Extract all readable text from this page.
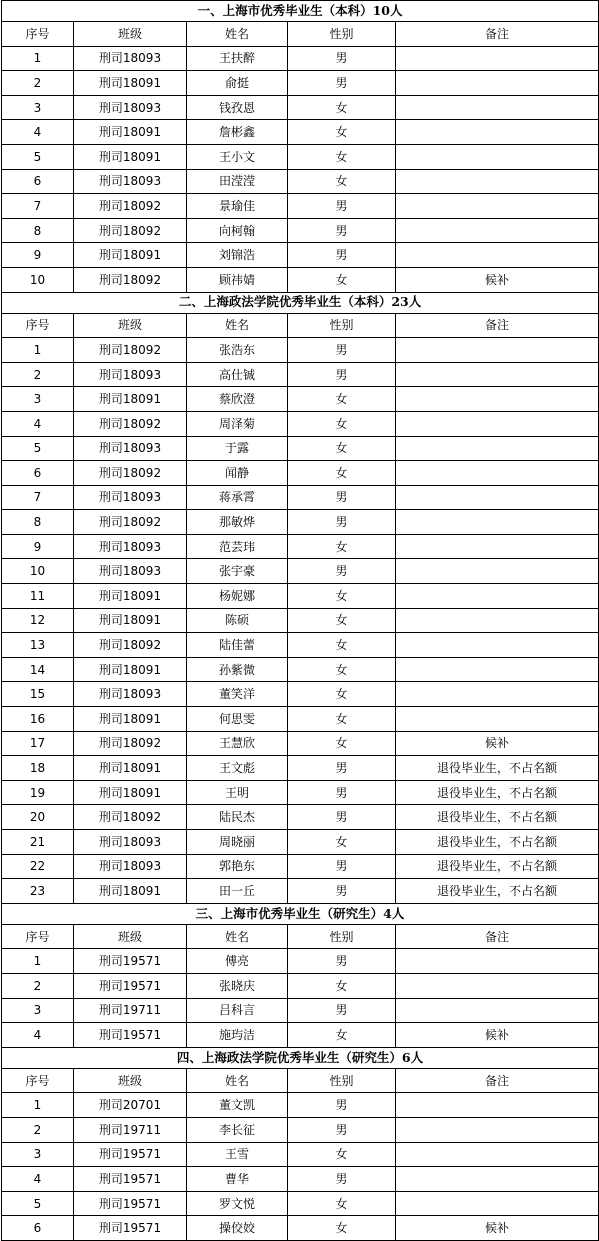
一、上海市优秀毕业生（本科）10人				
序号	班级	姓名	性别	备注
1	刑司18093	王扶醉	男	
2	刑司18091	俞挺	男	
3	刑司18093	钱孜恩	女	
4	刑司18091	詹彬鑫	女	
5	刑司18091	王小文	女	
6	刑司18093	田滢滢	女	
7	刑司18092	景瑜佳	男	
8	刑司18092	向柯翰	男	
9	刑司18091	刘锦浩	男	
10	刑司18092	顾祎婧	女	候补
二、上海政法学院优秀毕业生（本科）23人				
序号	班级	姓名	性别	备注
1	刑司18092	张浩东	男	
2	刑司18093	高仕铖	男	
3	刑司18091	蔡欣澄	女	
4	刑司18092	周泽菊	女	
5	刑司18093	于露	女	
6	刑司18092	闻静	女	
7	刑司18093	蒋承霄	男	
8	刑司18092	那敏烨	男	
9	刑司18093	范芸玮	女	
10	刑司18093	张宇豪	男	
11	刑司18091	杨妮娜	女	
12	刑司18091	陈硕	女	
13	刑司18092	陆佳蕾	女	
14	刑司18091	孙紫微	女	
15	刑司18093	董笑洋	女	
16	刑司18091	何思雯	女	
17	刑司18092	王慧欣	女	候补
18	刑司18091	王文彪	男	退役毕业生，不占名额
19	刑司18091	王明	男	退役毕业生，不占名额
20	刑司18092	陆民杰	男	退役毕业生，不占名额
21	刑司18093	周晓丽	女	退役毕业生，不占名额
22	刑司18093	郭艳东	男	退役毕业生，不占名额
23	刑司18091	田一丘	男	退役毕业生，不占名额
三、上海市优秀毕业生（研究生）4人				
序号	班级	姓名	性别	备注
1	刑司19571	傅亮	男	
2	刑司19571	张晓庆	女	
3	刑司19711	吕科言	男	
4	刑司19571	施玙洁	女	候补
四、上海政法学院优秀毕业生（研究生）6人				
序号	班级	姓名	性别	备注
1	刑司20701	董文凯	男	
2	刑司19711	李长征	男	
3	刑司19571	王雪	女	
4	刑司19571	曹华	男	
5	刑司19571	罗文悦	女	
6	刑司19571	操佼姣	女	候补
